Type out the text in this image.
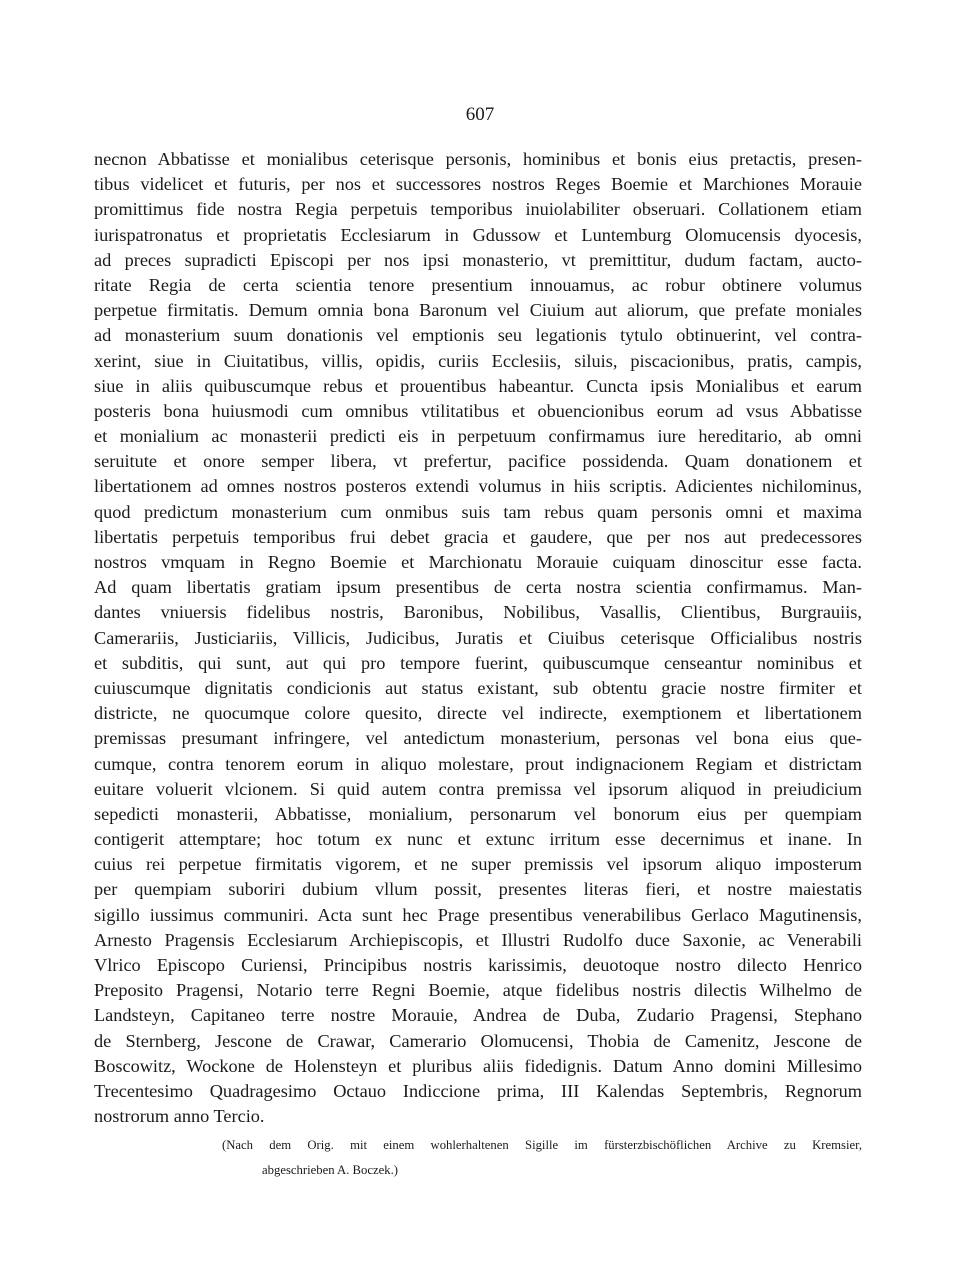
607
necnon Abbatisse et monialibus ceterisque personis, hominibus et bonis eius pretactis, presen-
tibus videlicet et futuris, per nos et successores nostros Reges Boemie et Marchiones Morauie
promittimus fide nostra Regia perpetuis temporibus inuiolabiliter obseruari. Collationem etiam
iurispatronatus et proprietatis Ecclesiarum in Gdussow et Luntemburg Olomucensis dyocesis,
ad preces supradicti Episcopi per nos ipsi monasterio, vt premittitur, dudum factam, aucto-
ritate Regia de certa scientia tenore presentium innouamus, ac robur obtinere volumus
perpetue firmitatis. Demum omnia bona Baronum vel Ciuium aut aliorum, que prefate moniales
ad monasterium suum donationis vel emptionis seu legationis tytulo obtinuerint, vel contra-
xerint, siue in Ciuitatibus, villis, opidis, curiis Ecclesiis, siluis, piscacionibus, pratis, campis,
siue in aliis quibuscumque rebus et prouentibus habeantur. Cuncta ipsis Monialibus et earum
posteris bona huiusmodi cum omnibus vtilitatibus et obuencionibus eorum ad vsus Abbatisse
et monialium ac monasterii predicti eis in perpetuum confirmamus iure hereditario, ab omni
seruitute et onore semper libera, vt prefertur, pacifice possidenda. Quam donationem et
libertationem ad omnes nostros posteros extendi volumus in hiis scriptis. Adicientes nichilominus,
quod predictum monasterium cum onmibus suis tam rebus quam personis omni et maxima
libertatis perpetuis temporibus frui debet gracia et gaudere, que per nos aut predecessores
nostros vmquam in Regno Boemie et Marchionatu Morauie cuiquam dinoscitur esse facta.
Ad quam libertatis gratiam ipsum presentibus de certa nostra scientia confirmamus. Man-
dantes vniuersis fidelibus nostris, Baronibus, Nobilibus, Vasallis, Clientibus, Burgrauiis,
Camerariis, Justiciariis, Villicis, Judicibus, Juratis et Ciuibus ceterisque Officialibus nostris
et subditis, qui sunt, aut qui pro tempore fuerint, quibuscumque censeantur nominibus et
cuiuscumque dignitatis condicionis aut status existant, sub obtentu gracie nostre firmiter et
districte, ne quocumque colore quesito, directe vel indirecte, exemptionem et libertationem
premissas presumant infringere, vel antedictum monasterium, personas vel bona eius que-
cumque, contra tenorem eorum in aliquo molestare, prout indignacionem Regiam et districtam
euitare voluerit vlcionem. Si quid autem contra premissa vel ipsorum aliquod in preiudicium
sepedicti monasterii, Abbatisse, monialium, personarum vel bonorum eius per quempiam
contigerit attemptare; hoc totum ex nunc et extunc irritum esse decernimus et inane. In
cuius rei perpetue firmitatis vigorem, et ne super premissis vel ipsorum aliquo imposterum
per quempiam suboriri dubium vllum possit, presentes literas fieri, et nostre maiestatis
sigillo iussimus communiri. Acta sunt hec Prage presentibus venerabilibus Gerlaco Magutinensis,
Arnesto Pragensis Ecclesiarum Archiepiscopis, et Illustri Rudolfo duce Saxonie, ac Venerabili
Vlrico Episcopo Curiensi, Principibus nostris karissimis, deuotoque nostro dilecto Henrico
Preposito Pragensi, Notario terre Regni Boemie, atque fidelibus nostris dilectis Wilhelmo de
Landsteyn, Capitaneo terre nostre Morauie, Andrea de Duba, Zudario Pragensi, Stephano
de Sternberg, Jescone de Crawar, Camerario Olomucensi, Thobia de Camenitz, Jescone de
Boscowitz, Wockone de Holensteyn et pluribus aliis fidedignis. Datum Anno domini Millesimo
Trecentesimo Quadragesimo Octauo Indiccione prima, III Kalendas Septembris, Regnorum
nostrorum anno Tercio.
(Nach dem Orig. mit einem wohlerhaltenen Sigille im fürsterzbischöflichen Archive zu Kremsier,
abgeschrieben A. Boczek.)
